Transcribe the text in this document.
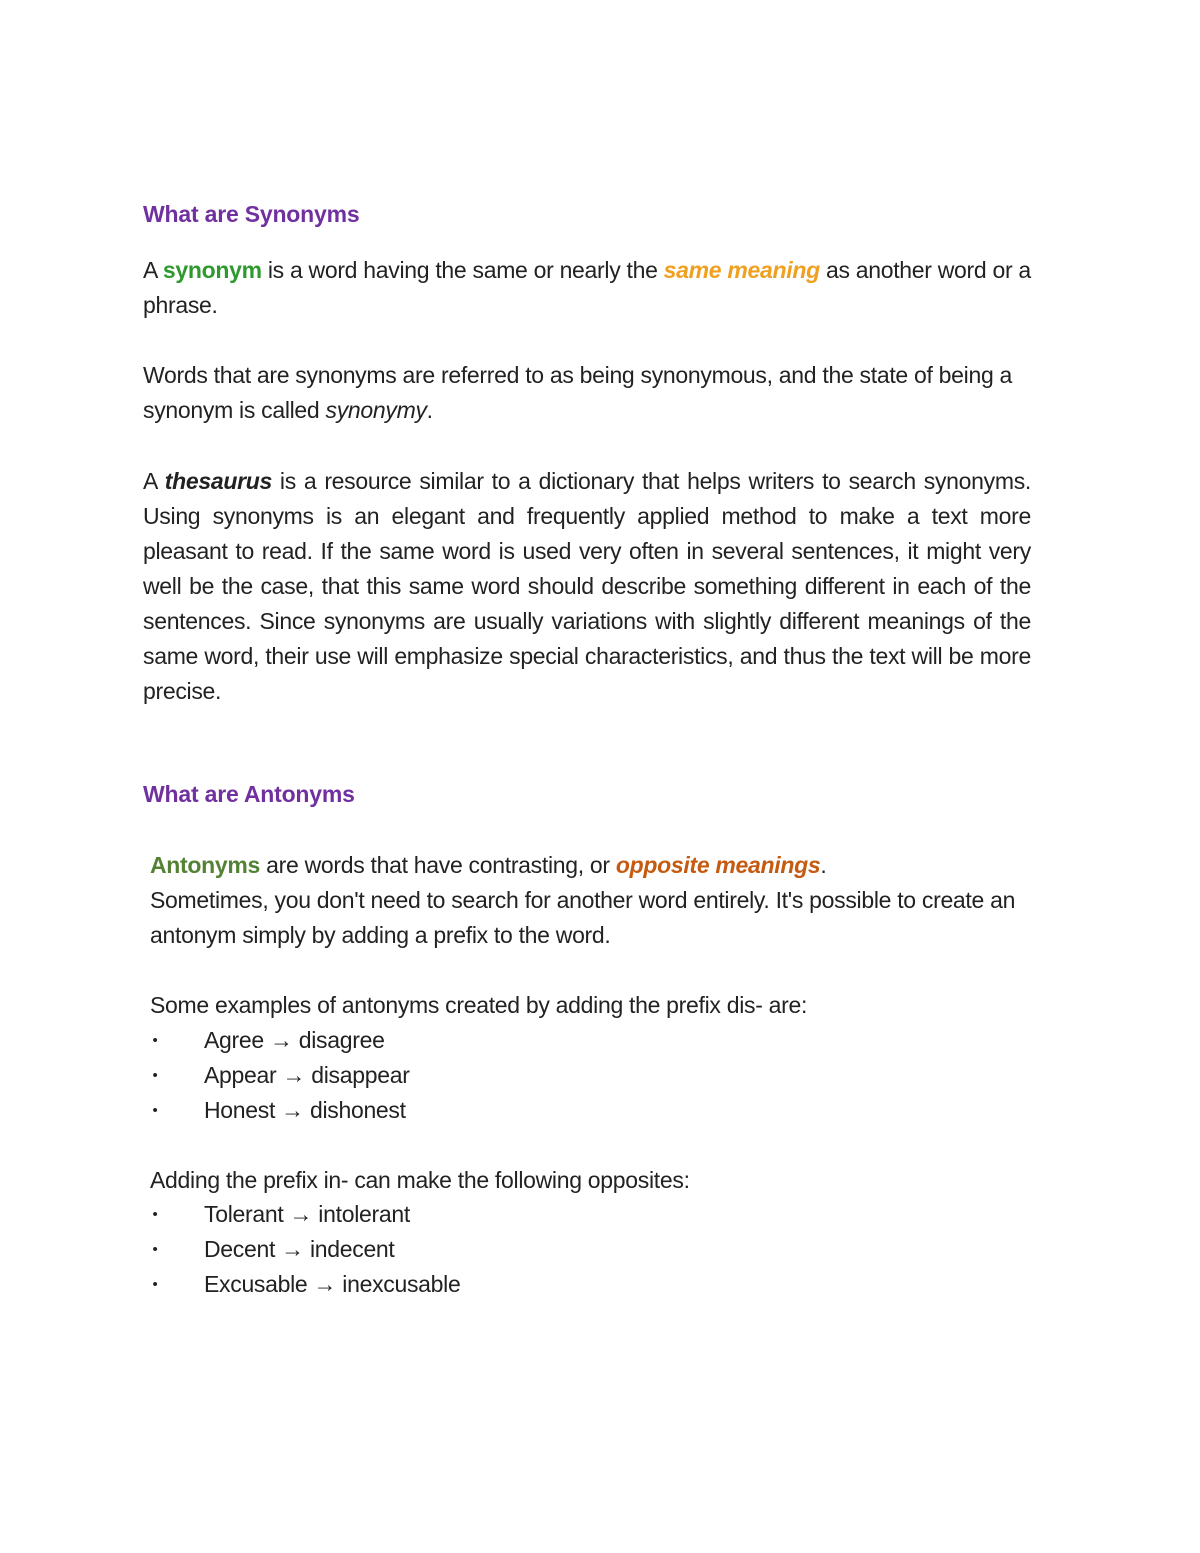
What are Synonyms

A synonym is a word having the same or nearly the same meaning as another word or a phrase.

Words that are synonyms are referred to as being synonymous, and the state of being a synonym is called synonymy.

A thesaurus is a resource similar to a dictionary that helps writers to search synonyms. Using synonyms is an elegant and frequently applied method to make a text more pleasant to read. If the same word is used very often in several sentences, it might very well be the case, that this same word should describe something different in each of the sentences. Since synonyms are usually variations with slightly different meanings of the same word, their use will emphasize special characteristics, and thus the text will be more precise.

What are Antonyms

Antonyms are words that have contrasting, or opposite meanings.
Sometimes, you don't need to search for another word entirely. It's possible to create an antonym simply by adding a prefix to the word.

Some examples of antonyms created by adding the prefix dis- are:

• Agree → disagree
• Appear → disappear
• Honest → dishonest

Adding the prefix in- can make the following opposites:

• Tolerant → intolerant
• Decent → indecent
• Excusable → inexcusable
